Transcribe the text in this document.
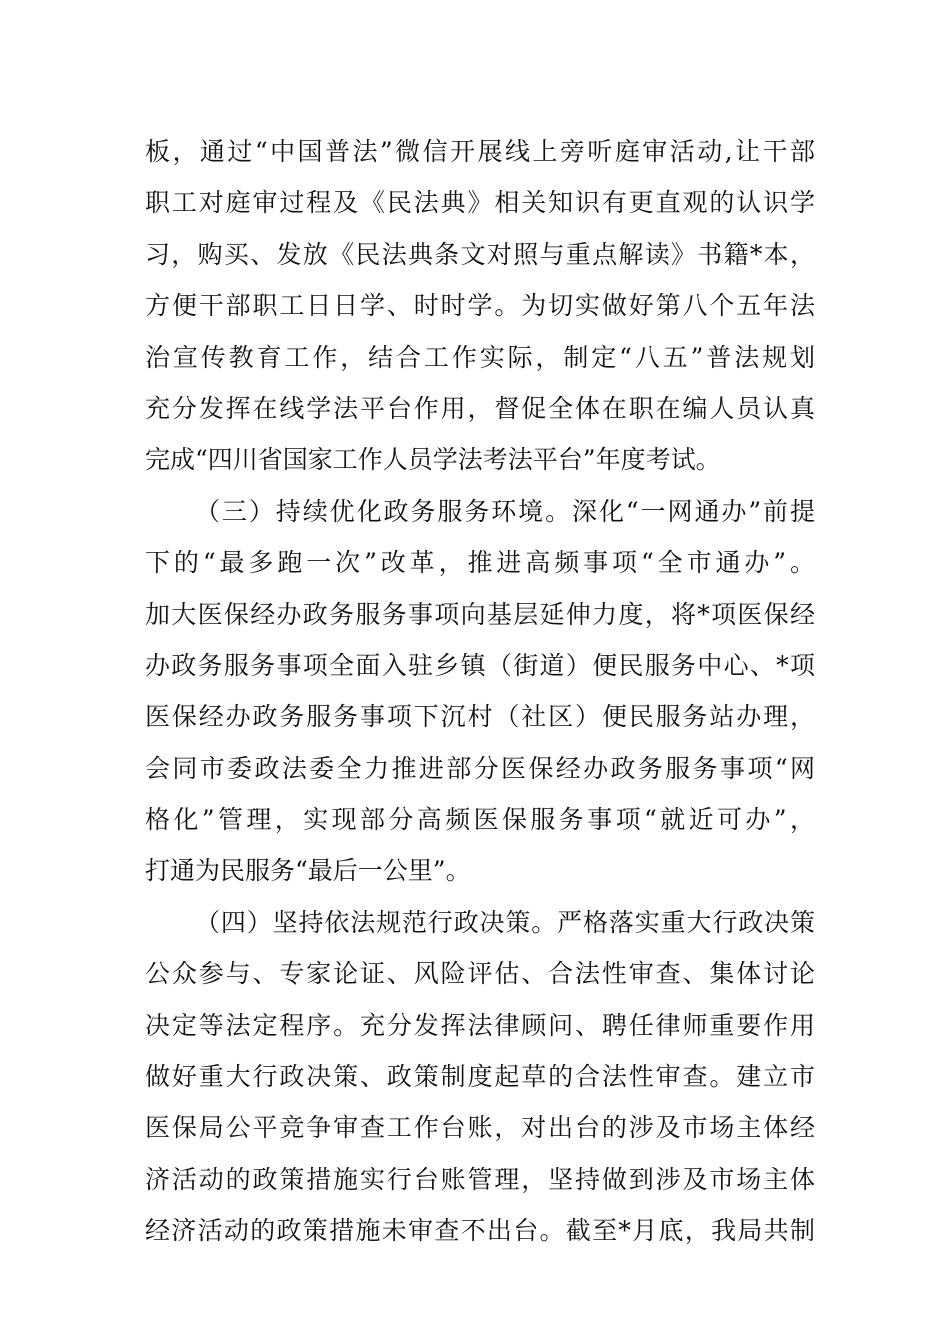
板，通过“中国普法”微信开展线上旁听庭审活动,让干部
职工对庭审过程及《民法典》相关知识有更直观的认识学
习，购买、发放《民法典条文对照与重点解读》书籍*本，
方便干部职工日日学、时时学。为切实做好第八个五年法
治宣传教育工作，结合工作实际，制定“八五”普法规划
充分发挥在线学法平台作用，督促全体在职在编人员认真
完成“四川省国家工作人员学法考法平台”年度考试。
（三）持续优化政务服务环境。深化“一网通办”前提
下的“最多跑一次”改革，推进高频事项“全市通办”。
加大医保经办政务服务事项向基层延伸力度，将*项医保经
办政务服务事项全面入驻乡镇（街道）便民服务中心、*项
医保经办政务服务事项下沉村（社区）便民服务站办理，
会同市委政法委全力推进部分医保经办政务服务事项“网
格化”管理，实现部分高频医保服务事项“就近可办”，
打通为民服务“最后一公里”。
（四）坚持依法规范行政决策。严格落实重大行政决策
公众参与、专家论证、风险评估、合法性审查、集体讨论
决定等法定程序。充分发挥法律顾问、聘任律师重要作用
做好重大行政决策、政策制度起草的合法性审查。建立市
医保局公平竞争审查工作台账，对出台的涉及市场主体经
济活动的政策措施实行台账管理，坚持做到涉及市场主体
经济活动的政策措施未审查不出台。截至*月底，我局共制
